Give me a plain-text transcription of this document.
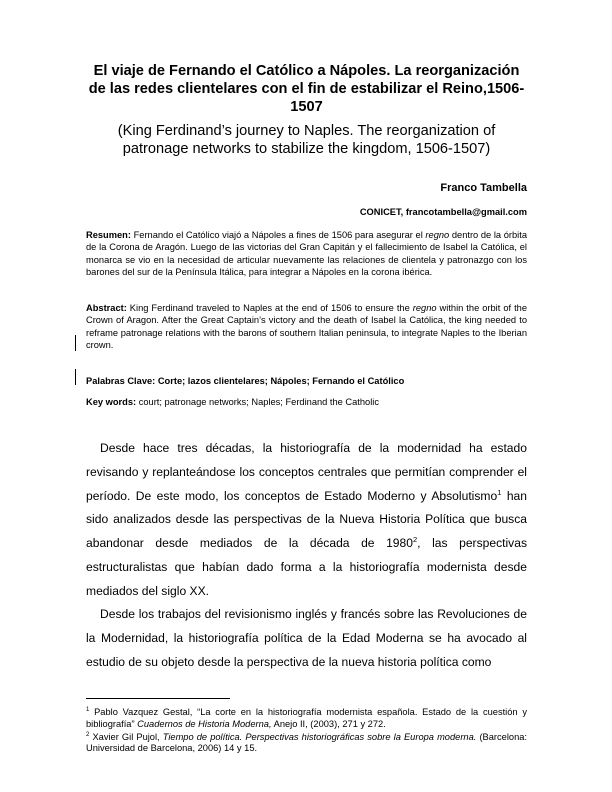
El viaje de Fernando el Católico a Nápoles. La reorganización de las redes clientelares con el fin de estabilizar el Reino,1506-1507

(King Ferdinand’s journey to Naples. The reorganization of patronage networks to stabilize the kingdom, 1506-1507)

Franco Tambella
CONICET, francotambella@gmail.com

Resumen: Fernando el Católico viajó a Nápoles a fines de 1506 para asegurar el regno dentro de la órbita de la Corona de Aragón. Luego de las victorias del Gran Capitán y el fallecimiento de Isabel la Católica, el monarca se vio en la necesidad de articular nuevamente las relaciones de clientela y patronazgo con los barones del sur de la Península Itálica, para integrar a Nápoles en la corona ibérica.

Abstract: King Ferdinand traveled to Naples at the end of 1506 to ensure the regno within the orbit of the Crown of Aragon. After the Great Captain’s victory and the death of Isabel la Católica, the king needed to reframe patronage relations with the barons of southern Italian peninsula, to integrate Naples to the Iberian crown.

Palabras Clave: Corte; lazos clientelares; Nápoles; Fernando el Católico

Key words: court; patronage networks; Naples; Ferdinand the Catholic

Desde hace tres décadas, la historiografía de la modernidad ha estado revisando y replanteándose los conceptos centrales que permitían comprender el período. De este modo, los conceptos de Estado Moderno y Absolutismo$^1$ han sido analizados desde las perspectivas de la Nueva Historia Política que busca abandonar desde mediados de la década de 1980$^2$, las perspectivas estructuralistas que habían dado forma a la historiografía modernista desde mediados del siglo XX.

Desde los trabajos del revisionismo inglés y francés sobre las Revoluciones de la Modernidad, la historiografía política de la Edad Moderna se ha avocado al estudio de su objeto desde la perspectiva de la nueva historia política como

$^1$ Pablo Vazquez Gestal, “La corte en la historiografía modernista española. Estado de la cuestión y bibliografía” Cuadernos de Historia Moderna, Anejo II, (2003), 271 y 272.

$^2$ Xavier Gil Pujol, Tiempo de política. Perspectivas historiográficas sobre la Europa moderna. (Barcelona: Universidad de Barcelona, 2006) 14 y 15.
